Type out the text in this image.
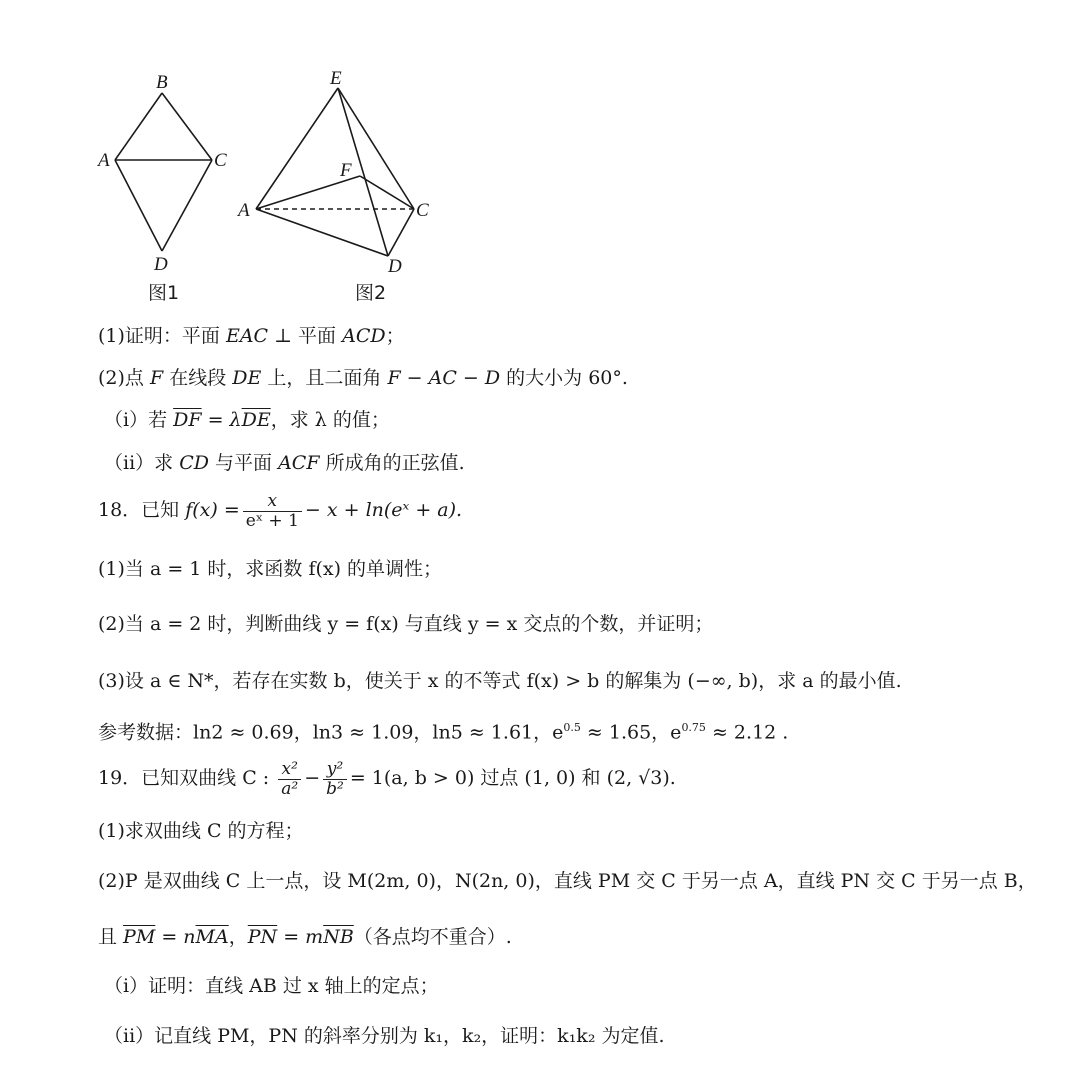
B
A	C
D
图1
E
F
A	C
D
图2
(1)证明：平面 EAC ⊥ 平面 ACD；
(2)点 F 在线段 DE 上，且二面角 F − AC − D 的大小为 60°.
（i）若 $\overline{DF} = \lambda\overline{DE}$，求 λ 的值；
（ii）求 CD 与平面 ACF 所成角的正弦值.
18．已知 $f(x) = \frac{x}{\text{eˣ + 1}} - x$ + ln(eˣ + a).
(1)当 a = 1 时，求函数 f(x) 的单调性；
(2)当 a = 2 时，判断曲线 y = f(x) 与直线 y = x 交点的个数，并证明；
(3)设 a ∈ N*，若存在实数 b，使关于 x 的不等式 f(x) > b 的解集为 (−∞, b)，求 a 的最小值.
参考数据：ln2 ≈ 0.69，ln3 ≈ 1.09，ln5 ≈ 1.61，$e^{0.5} \approx 1.65$，$e^{0.75} \approx 2.12$ .
19．已知双曲线 C : $\frac{\text{x²}}{\text{a²}} - \frac{\text{y²}}{\text{b²}} = 1(a$, b > 0) 过点 (1, 0) 和 (2, √3).
(1)求双曲线 C 的方程；
(2)P 是双曲线 C 上一点，设 M(2m, 0)，N(2n, 0)，直线 PM 交 C 于另一点 A，直线 PN 交 C 于另一点 B，
且 $\overline{PM} = n\overline{MA}$，$\overline{PN} = m\overline{NB}$（各点均不重合）.
（i）证明：直线 AB 过 x 轴上的定点；
（ii）记直线 PM，PN 的斜率分别为 k₁，k₂，证明：k₁k₂ 为定值.
